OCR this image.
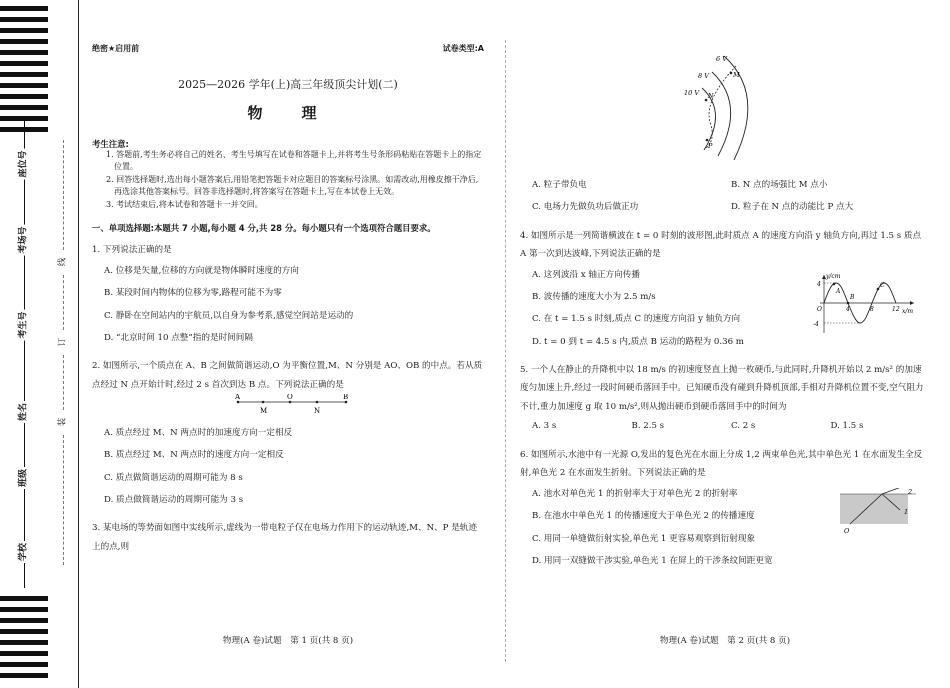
座位号
考场号
考生号
姓名
班级
学校
线
订
装
绝密★启用前	试卷类型:A
2025—2026 学年(上)高三年级顶尖计划(二)
物　理
考生注意:

1. 答题前,考生务必将自己的姓名、考生号填写在试卷和答题卡上,并将考生号条形码粘贴在答题卡上的指定位置。

2. 回答选择题时,选出每小题答案后,用铅笔把答题卡对应题目的答案标号涂黑。如需改动,用橡皮擦干净后,再选涂其他答案标号。回答非选择题时,将答案写在答题卡上,写在本试卷上无效。

3. 考试结束后,将本试卷和答题卡一并交回。

一、单项选择题:本题共 7 小题,每小题 4 分,共 28 分。每小题只有一个选项符合题目要求。
1. 下列说法正确的是
A. 位移是矢量,位移的方向就是物体瞬时速度的方向
B. 某段时间内物体的位移为零,路程可能不为零
C. 静卧在空间站内的宇航员,以自身为参考系,感觉空间站是运动的
D. “北京时间 10 点整”指的是时间间隔
2. 如图所示,一个质点在 A、B 之间做简谐运动,O 为平衡位置,M、N 分别是 AO、OB 的中点。若从质点经过 N 点开始计时,经过 2 s 首次到达 B 点。下列说法正确的是
A
M
O
N
B
A. 质点经过 M、N 两点时的加速度方向一定相反
B. 质点经过 M、N 两点时的速度方向一定相反
C. 质点做简谐运动的周期可能为 8 s
D. 质点做简谐运动的周期可能为 3 s
3. 某电场的等势面如图中实线所示,虚线为一带电粒子仅在电场力作用下的运动轨迹,M、N、P 是轨迹上的点,则
物理(A 卷)试题　第 1 页(共 8 页)
6 V
8 V
10 V
M
N
P
A. 粒子带负电	B. N 点的场强比 M 点小
C. 电场力先做负功后做正功	D. 粒子在 N 点的动能比 P 点大
4. 如图所示是一列简谐横波在 t = 0 时刻的波形图,此时质点 A 的速度方向沿 y 轴负方向,再过 1.5 s 质点 A 第一次到达波峰,下列说法正确的是
A. 这列波沿 x 轴正方向传播
B. 波传播的速度大小为 2.5 m/s
C. 在 t = 1.5 s 时刻,质点 C 的速度方向沿 y 轴负方向
D. t = 0 到 t = 4.5 s 内,质点 B 运动的路程为 0.36 m
y/cm
x/m
4
-4
O	4	8	12
A
B
C
5. 一个人在静止的升降机中以 18 m/s 的初速度竖直上抛一枚硬币,与此同时,升降机开始以 2 m/s² 的加速度匀加速上升,经过一段时间硬币落回手中。已知硬币没有碰到升降机顶部,手相对升降机位置不变,空气阻力不计,重力加速度 g 取 10 m/s²,则从抛出硬币到硬币落回手中的时间为
A. 3 s	B. 2.5 s	C. 2 s	D. 1.5 s
6. 如图所示,水池中有一光源 O,发出的复色光在水面上分成 1,2 两束单色光,其中单色光 1 在水面发生全反射,单色光 2 在水面发生折射。下列说法正确的是
A. 池水对单色光 1 的折射率大于对单色光 2 的折射率
B. 在池水中单色光 1 的传播速度大于单色光 2 的传播速度
C. 用同一单缝做衍射实验,单色光 1 更容易观察到衍射现象
D. 用同一双缝做干涉实验,单色光 1 在屏上的干涉条纹间距更宽
O
1
2
物理(A 卷)试题　第 2 页(共 8 页)
